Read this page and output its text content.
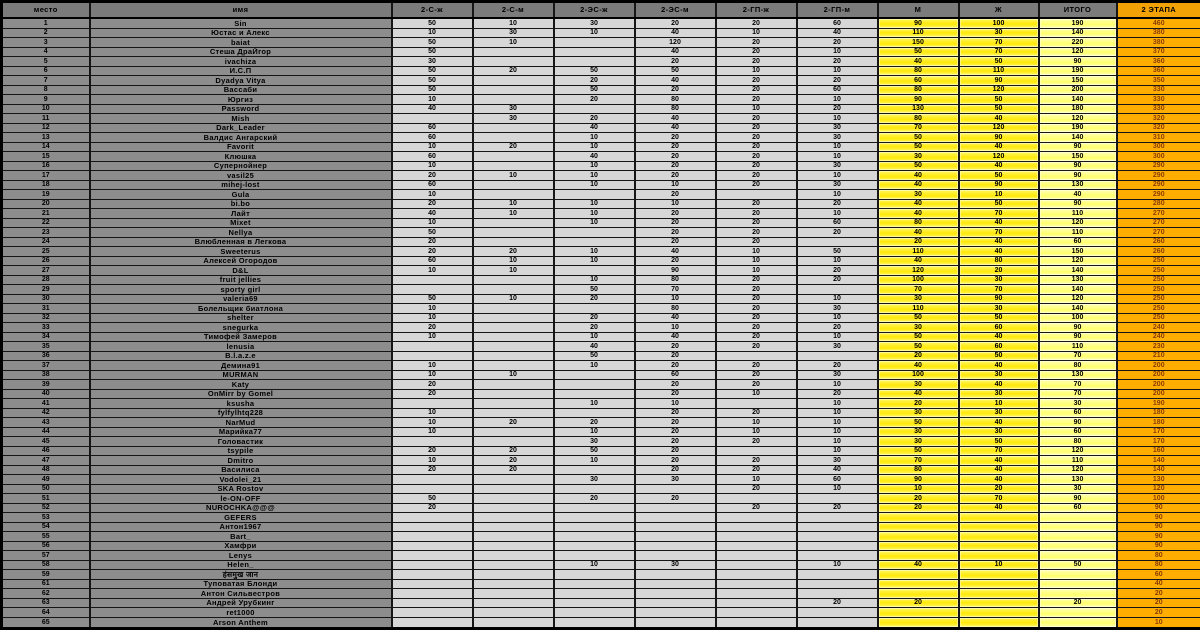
место	имя	2-С-ж	2-С-м	2-ЭС-ж	2-ЭС-м	2-ГП-ж	2-ГП-м	М	Ж	ИТОГО	2 ЭТАПА
1	Sin	50	10	30	20	20	60	90	100	190	460
2	Юстас и Алекс	10	30	10	40	10	40	110	30	140	380
3	baiat	50	10		120	20	20	150	70	220	380
4	Стеша ДраЙгор	50			40	20	10	50	70	120	370
5	ivachiza	30			20	20	20	40	50	90	360
6	И.С.П	50	20	50	50	10	10	80	110	190	360
7	Dyadya Vitya	50		20	40	20	20	60	90	150	350
8	Вассаби	50		50	20	20	60	80	120	200	330
9	Юргиз	10		20	80	20	10	90	50	140	330
10	Password	40	30		80	10	20	130	50	180	330
11	Mish		30	20	40	20	10	80	40	120	320
12	Dark_Leader	60		40	40	20	30	70	120	190	320
13	Валдис Ангарский	60		10	20	20	30	50	90	140	310
14	Favorit	10	20	10	20	20	10	50	40	90	300
15	Клюшка	60		40	20	20	10	30	120	150	300
16	Супернойнер	10		10	20	20	30	50	40	90	290
17	vasil25	20	10	10	20	20	10	40	50	90	290
18	mihej-lost	60		10	10	20	30	40	90	130	290
19	Gula	10			20		10	30	10	40	290
20	bi.bo	20	10	10	10	20	20	40	50	90	280
21	Лайт	40	10	10	20	20	10	40	70	110	270
22	Mixet	10		10	20	20	60	80	40	120	270
23	Nellya	50			20	20	20	40	70	110	270
24	Влюбленная в Легкова	20			20	20		20	40	60	260
25	Sweeterus	20	20	10	40	10	50	110	40	150	260
26	Алексей Огородов	60	10	10	20	10	10	40	80	120	250
27	D&L	10	10		90	10	20	120	20	140	250
28	fruit jellies			10	80	20	20	100	30	130	250
29	sporty girl			50	70	20		70	70	140	250
30	valeria69	50	10	20	10	20	10	30	90	120	250
31	Болельщик биатлона	10			80	20	30	110	30	140	250
32	shelter	10		20	40	20	10	50	50	100	250
33	snegurka	20		20	10	20	20	30	60	90	240
34	Тимофей Замеров	10		10	40	20	10	50	40	90	240
35	lenusia			40	20	20	30	50	60	110	230
36	B.l.a.z.e			50	20			20	50	70	210
37	Демина91	10		10	20	20	20	40	40	80	200
38	MURMAN	10	10		60	20	30	100	30	130	200
39	Katy	20			20	20	10	30	40	70	200
40	OnMirr by Gomel	20			20	10	20	40	30	70	200
41	ksusha			10	10		10	20	10	30	190
42	fylfylhtq228	10			20	20	10	30	30	60	180
43	NarMud	10	20	20	20	10	10	50	40	90	180
44	Марийка77	10		10	20	10	10	30	30	60	170
45	Головастик			30	20	20	10	30	50	80	170
46	tsypile	20	20	50	20		10	50	70	120	160
47	Dmitro	10	20	10	20	20	30	70	40	110	140
48	Василиса	20	20		20	20	40	80	40	120	140
49	Vodolei_21			30	30	10	60	90	40	130	130
50	SKA Rostov					20	10	10	20	30	120
51	le-ON-OFF	50		20	20			20	70	90	100
52	NUROCHKA@@@	20				20	20	20	40	60	90
53	GEFERS										90
54	Антон1967										90
55	Bart_										90
56	Хамфри										90
57	Lenys										80
58	Helen_			10	30		10	40	10	50	80
59	हंसमुख जान										60
61	Туповатая Блонди										40
62	Антон Сильвестров										20
63	Андрей Урубкинг						20	20		20	20
64	ret1000										20
65	Arson Anthem										10
